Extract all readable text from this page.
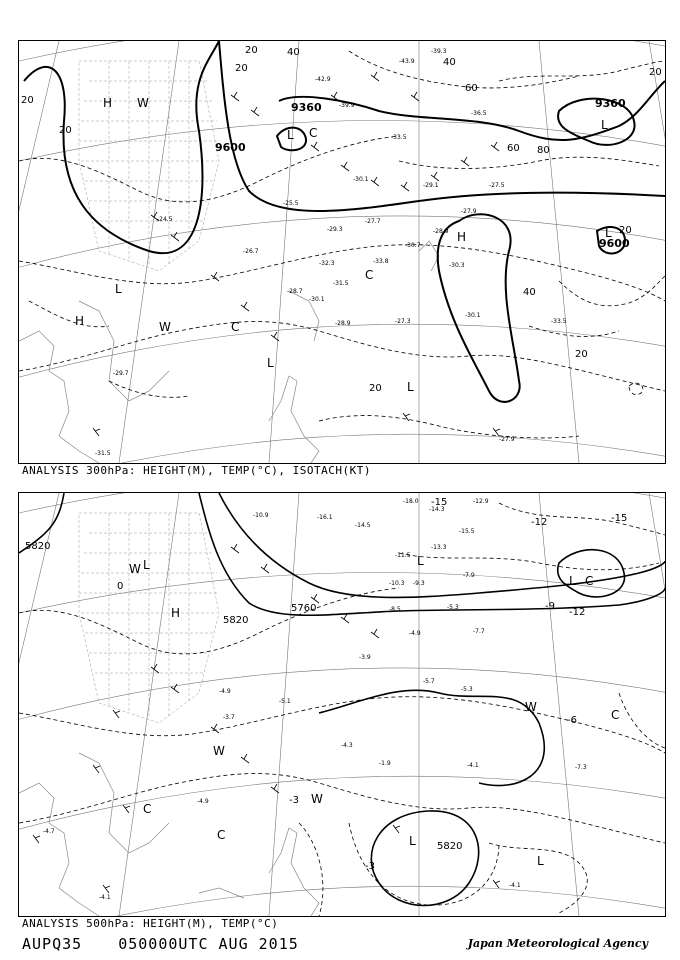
9360
9600
9360
9600
20
20
40
60 80
20
40
20
20
20
20
40
60
20
H W
L
H
L C
L
H
C
W
L
L
C
L
-39.3
-43.9
-42.9
-39.9
-36.5
-33.5
-30.1
-29.1	-27.5
-28.9
-30.7
-31.5
-33.8
-30.3
-30.1
-27.9
-33.5
-27.3
-28.9
-29.7
-31.5
-27.9
-24.5
-25.5
-28.7
-30.1
-27.7
-29.3
-32.3
-26.7
ANALYSIS 300hPa: HEIGHT(M), TEMP(°C), ISOTACH(KT)
5820
5820
5820
5760
-15
-12
-9
-12
-15
-6
-3
-3
0
W L
H
L
C
L C
W
C
W
C
W
L
L
-18.0
-14.3
-16.1
-12.9
-10.9
-15.5
-14.5
-13.3
-11.5
-10.3 -9.3
-8.5
-7.9
-7.7
-5.3
-4.9
-4.9	-5.3
-4.1
-3.9
-5.7
-4.3
-1.9
-3.7
-4.9
-4.7
-4.1
-7.3
-4.1
-5.1
ANALYSIS 500hPa: HEIGHT(M), TEMP(°C)
AUPQ35 050000UTC AUG 2015	Japan Meteorological Agency
